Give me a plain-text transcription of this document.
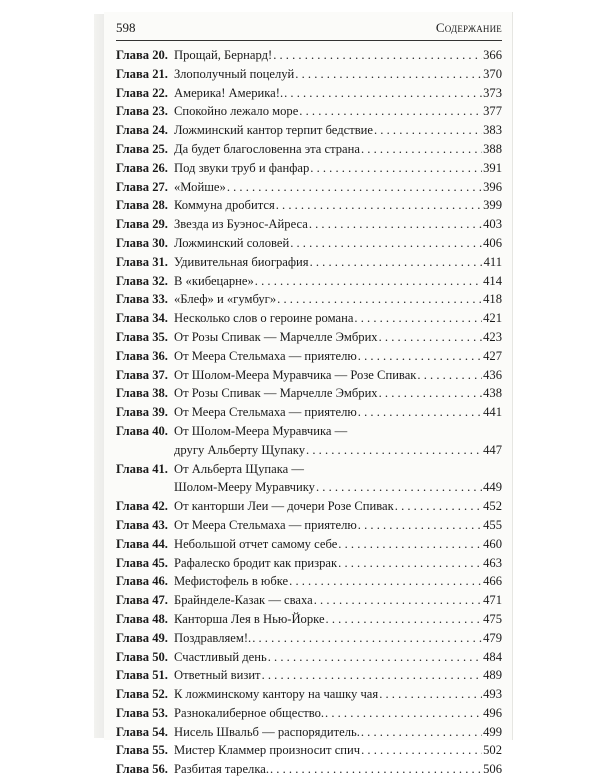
598	Содержание
Глава 20. Прощай, Бернард! . . .	366
Глава 21. Злополучный поцелуй . . .	370
Глава 22. Америка! Америка!. . . .	373
Глава 23. Спокойно лежало море . . .	377
Глава 24. Ложминский кантор терпит бедствие . . .	383
Глава 25. Да будет благословенна эта страна . . .	388
Глава 26. Под звуки труб и фанфар . . .	391
Глава 27. «Мойше» . . .	396
Глава 28. Коммуна дробится . . .	399
Глава 29. Звезда из Буэнос-Айреса . . .	403
Глава 30. Ложминский соловей . . .	406
Глава 31. Удивительная биография . . .	411
Глава 32. В «кибецарне» . . .	414
Глава 33. «Блеф» и «гумбуг» . . .	418
Глава 34. Несколько слов о героине романа . . .	421
Глава 35. От Розы Спивак — Марчелле Эмбрих . . .	423
Глава 36. От Меера Стельмаха — приятелю . . .	427
Глава 37. От Шолом-Меера Муравчика — Розе Спивак . . .	436
Глава 38. От Розы Спивак — Марчелле Эмбрих . . .	438
Глава 39. От Меера Стельмаха — приятелю . . .	441
Глава 40. От Шолом-Меера Муравчика —
другу Альберту Щупаку . . .	447
Глава 41. От Альберта Щупака —
Шолом-Мееру Муравчику . . .	449
Глава 42. От канторши Леи — дочери Розе Спивак . . .	452
Глава 43. От Меера Стельмаха — приятелю . . .	455
Глава 44. Небольшой отчет самому себе . . .	460
Глава 45. Рафалеско бродит как призрак . . .	463
Глава 46. Мефистофель в юбке . . .	466
Глава 47. Брайнделе-Казак — сваха . . .	471
Глава 48. Канторша Лея в Нью-Йорке . . .	475
Глава 49. Поздравляем!. . . .	479
Глава 50. Счастливый день . . .	484
Глава 51. Ответный визит . . .	489
Глава 52. К ложминскому кантору на чашку чая . . .	493
Глава 53. Разнокалиберное общество. . . .	496
Глава 54. Нисель Швальб — распорядитель. . . .	499
Глава 55. Мистер Кламмер произносит спич . . .	502
Глава 56. Разбитая тарелка. . . .	506
